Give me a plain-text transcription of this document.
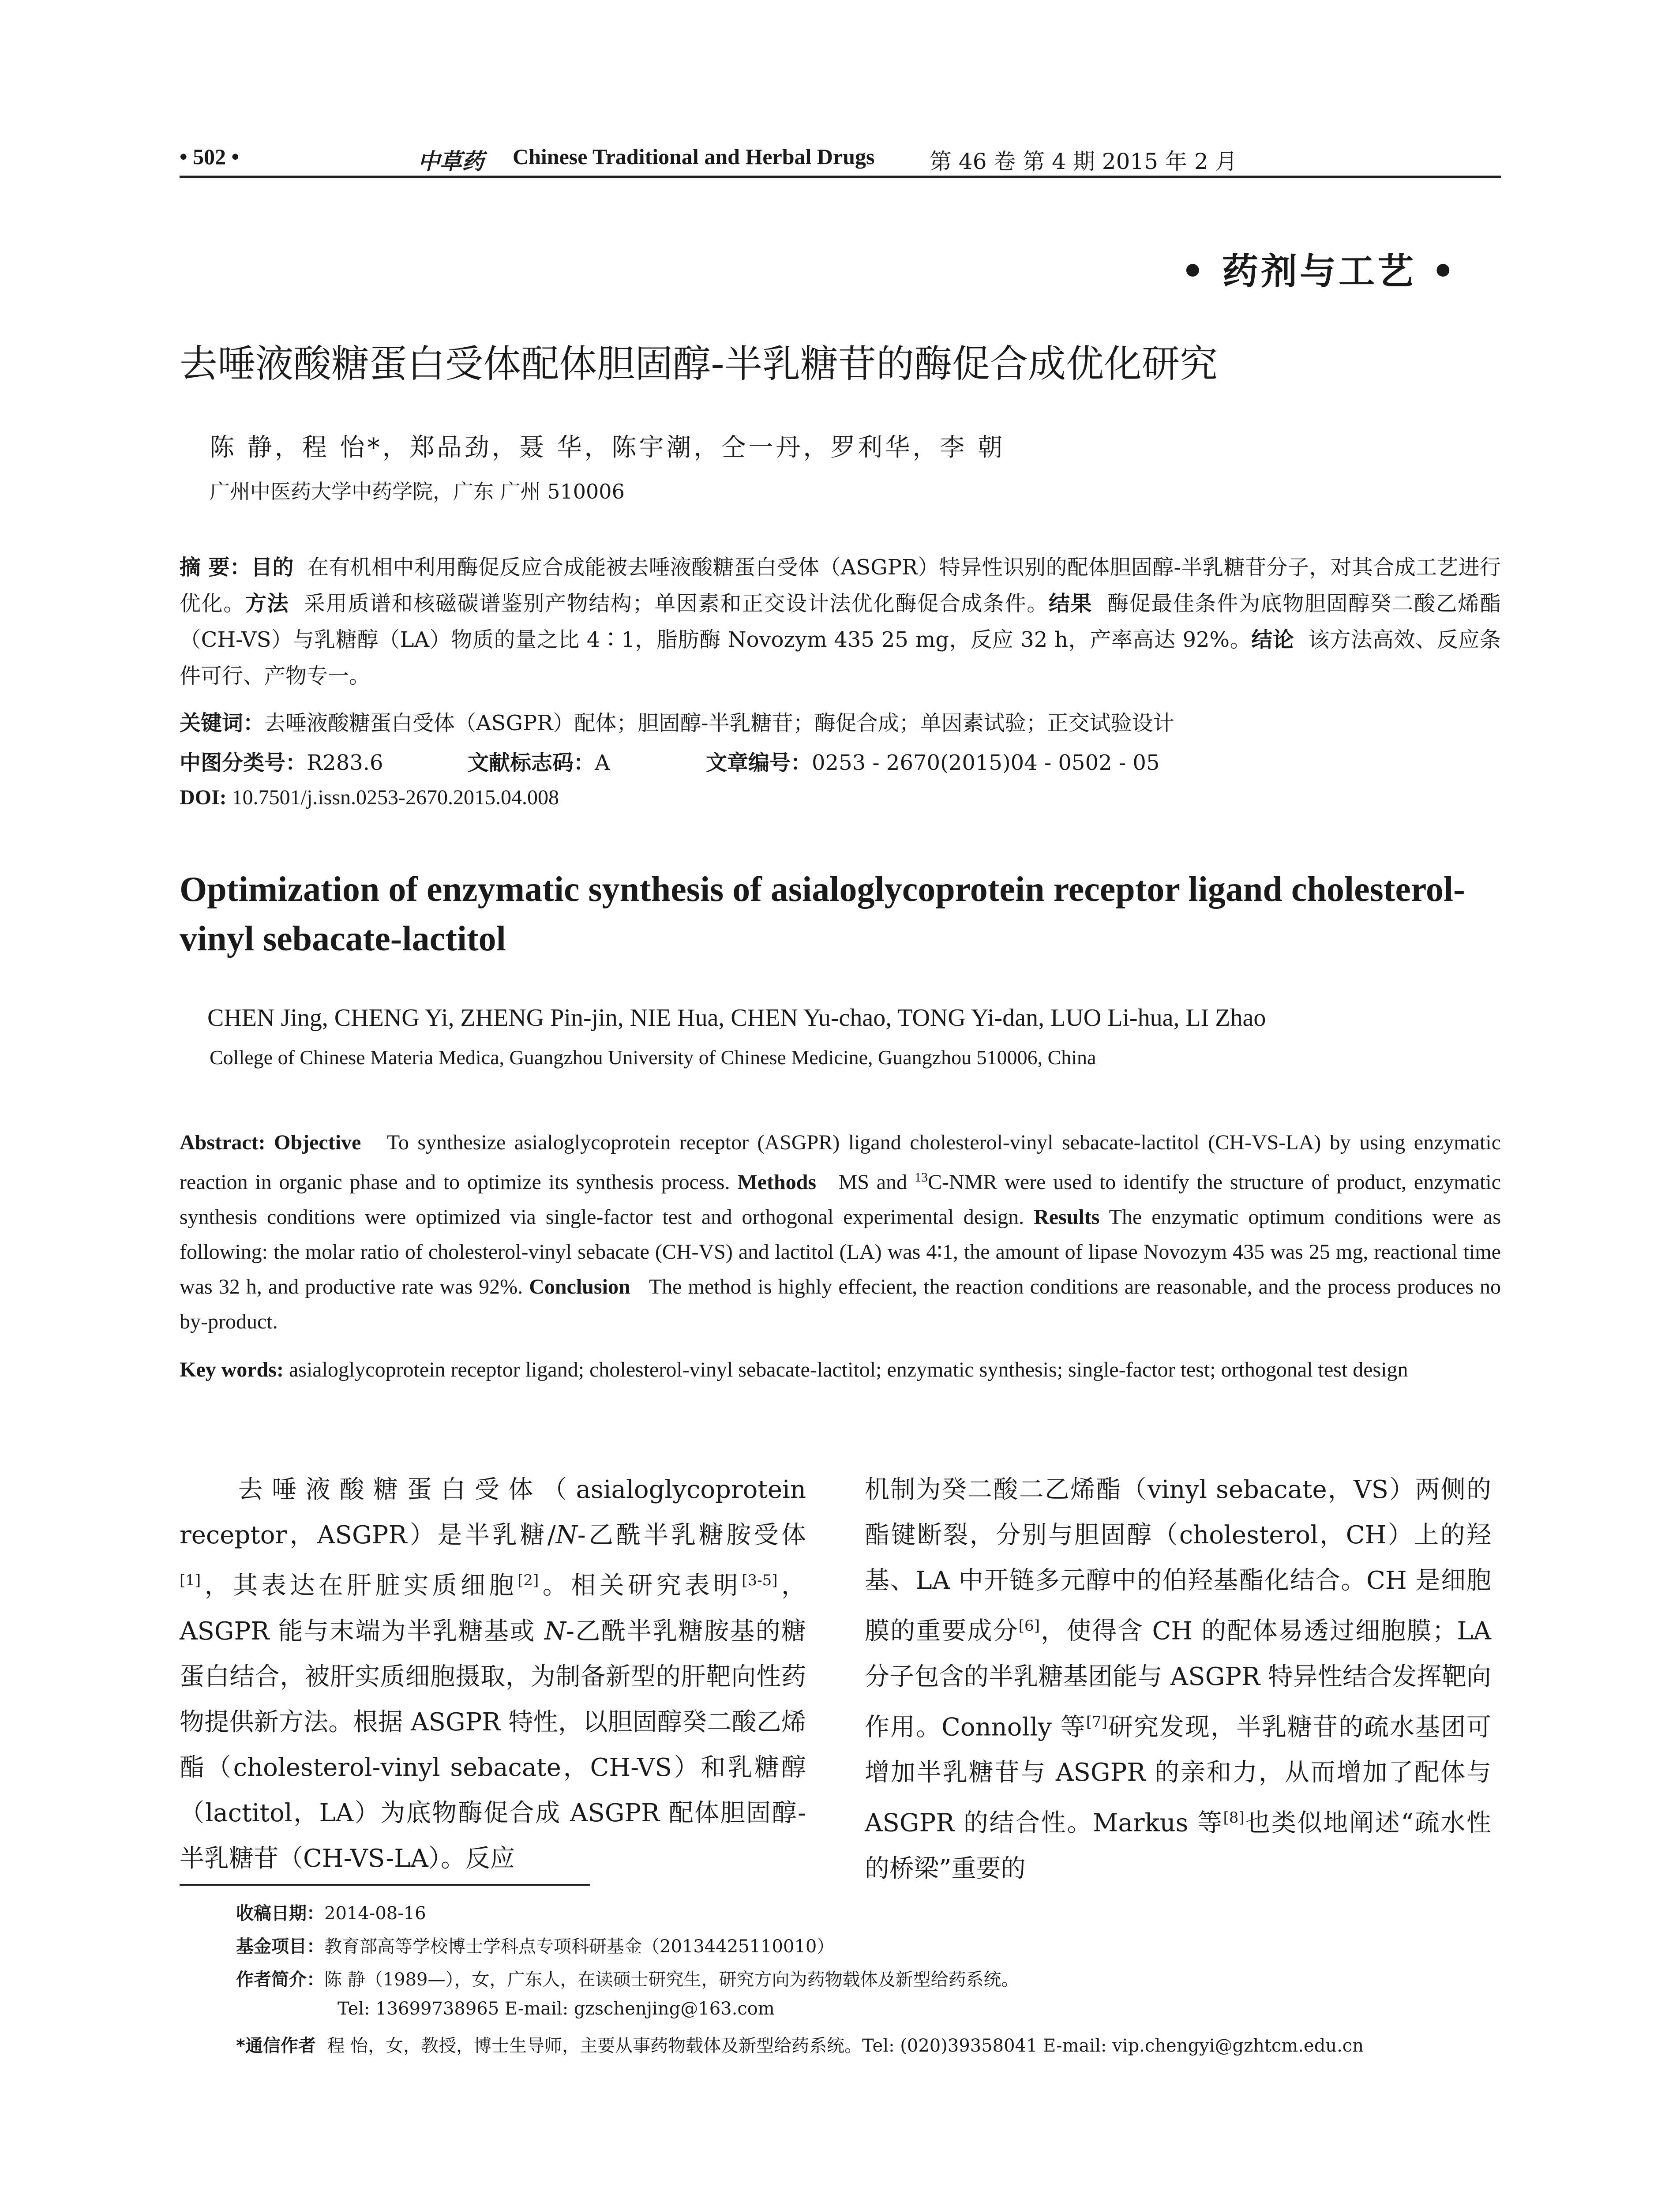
• 502 •	中草药 Chinese Traditional and Herbal Drugs 第 46 卷 第 4 期 2015 年 2 月
• 药剂与工艺 •
去唾液酸糖蛋白受体配体胆固醇-半乳糖苷的酶促合成优化研究
陈 静，程 怡*，郑品劲，聂 华，陈宇潮，仝一丹，罗利华，李 朝
广州中医药大学中药学院，广东 广州 510006
摘 要：目的 在有机相中利用酶促反应合成能被去唾液酸糖蛋白受体（ASGPR）特异性识别的配体胆固醇-半乳糖苷分子，对其合成工艺进行优化。方法 采用质谱和核磁碳谱鉴别产物结构；单因素和正交设计法优化酶促合成条件。结果 酶促最佳条件为底物胆固醇癸二酸乙烯酯（CH-VS）与乳糖醇（LA）物质的量之比 4∶1，脂肪酶 Novozym 435 25 mg，反应 32 h，产率高达 92%。结论 该方法高效、反应条件可行、产物专一。
关键词：去唾液酸糖蛋白受体（ASGPR）配体；胆固醇-半乳糖苷；酶促合成；单因素试验；正交试验设计
中图分类号：R283.6	文献标志码：A	文章编号：0253 - 2670(2015)04 - 0502 - 05
DOI: 10.7501/j.issn.0253-2670.2015.04.008
Optimization of enzymatic synthesis of asialoglycoprotein receptor ligand cholesterol-vinyl sebacate-lactitol
CHEN Jing, CHENG Yi, ZHENG Pin-jin, NIE Hua, CHEN Yu-chao, TONG Yi-dan, LUO Li-hua, LI Zhao
College of Chinese Materia Medica, Guangzhou University of Chinese Medicine, Guangzhou 510006, China
Abstract: Objective To synthesize asialoglycoprotein receptor (ASGPR) ligand cholesterol-vinyl sebacate-lactitol (CH-VS-LA) by using enzymatic reaction in organic phase and to optimize its synthesis process. Methods MS and $^{13}$C-NMR were used to identify the structure of product, enzymatic synthesis conditions were optimized via single-factor test and orthogonal experimental design. Results The enzymatic optimum conditions were as following: the molar ratio of cholesterol-vinyl sebacate (CH-VS) and lactitol (LA) was 4∶1, the amount of lipase Novozym 435 was 25 mg, reactional time was 32 h, and productive rate was 92%. Conclusion The method is highly effecient, the reaction conditions are reasonable, and the process produces no by-product.
Key words: asialoglycoprotein receptor ligand; cholesterol-vinyl sebacate-lactitol; enzymatic synthesis; single-factor test; orthogonal test design
去唾液酸糖蛋白受体（asialoglycoprotein receptor，ASGPR）是半乳糖/N-乙酰半乳糖胺受体[1]，其表达在肝脏实质细胞[2]。相关研究表明[3-5]，ASGPR 能与末端为半乳糖基或 N-乙酰半乳糖胺基的糖蛋白结合，被肝实质细胞摄取，为制备新型的肝靶向性药物提供新方法。根据 ASGPR 特性，以胆固醇癸二酸乙烯酯（cholesterol-vinyl sebacate，CH-VS）和乳糖醇（lactitol，LA）为底物酶促合成 ASGPR 配体胆固醇-半乳糖苷（CH-VS-LA）。反应
机制为癸二酸二乙烯酯（vinyl sebacate，VS）两侧的酯键断裂，分别与胆固醇（cholesterol，CH）上的羟基、LA 中开链多元醇中的伯羟基酯化结合。CH 是细胞膜的重要成分[6]，使得含 CH 的配体易透过细胞膜；LA 分子包含的半乳糖基团能与 ASGPR 特异性结合发挥靶向作用。Connolly 等[7]研究发现，半乳糖苷的疏水基团可增加半乳糖苷与 ASGPR 的亲和力，从而增加了配体与 ASGPR 的结合性。Markus 等[8]也类似地阐述“疏水性的桥梁”重要的
收稿日期：2014-08-16
基金项目：教育部高等学校博士学科点专项科研基金（20134425110010）
作者简介：陈 静（1989—），女，广东人，在读硕士研究生，研究方向为药物载体及新型给药系统。
Tel: 13699738965 E-mail: gzschenjing@163.com
*通信作者 程 怡，女，教授，博士生导师，主要从事药物载体及新型给药系统。Tel: (020)39358041 E-mail: vip.chengyi@gzhtcm.edu.cn
